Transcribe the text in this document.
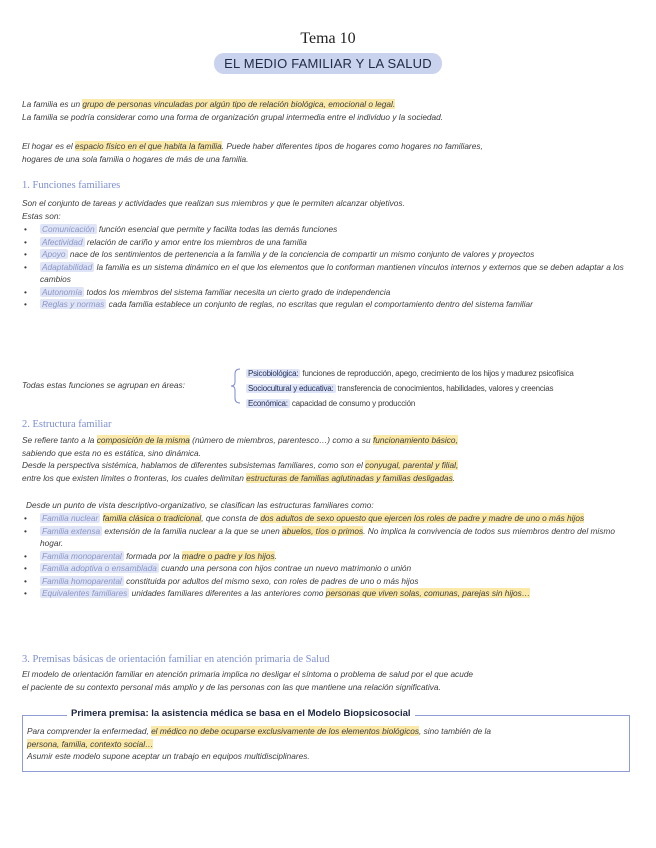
Tema 10
EL MEDIO FAMILIAR Y LA SALUD
La familia es un grupo de personas vinculadas por algún tipo de relación biológica, emocional o legal.
La familia se podría considerar como una forma de organización grupal intermedia entre el individuo y la sociedad.
El hogar es el espacio físico en el que habita la familia. Puede haber diferentes tipos de hogares como hogares no familiares,
hogares de una sola familia o hogares de más de una familia.
1. Funciones familiares
Son el conjunto de tareas y actividades que realizan sus miembros y que le permiten alcanzar objetivos.
Estas son:
• Comunicación función esencial que permite y facilita todas las demás funciones
• Afectividad relación de cariño y amor entre los miembros de una familia
• Apoyo nace de los sentimientos de pertenencia a la familia y de la conciencia de compartir un mismo conjunto de valores y proyectos
• Adaptabilidad la familia es un sistema dinámico en el que los elementos que lo conforman mantienen vínculos internos y externos que se deben adaptar a los cambios
• Autonomía todos los miembros del sistema familiar necesita un cierto grado de independencia
• Reglas y normas cada familia establece un conjunto de reglas, no escritas que regulan el comportamiento dentro del sistema familiar
Todas estas funciones se agrupan en áreas:
Psicobiológica: funciones de reproducción, apego, crecimiento de los hijos y madurez psicofísica
Sociocultural y educativa: transferencia de conocimientos, habilidades, valores y creencias
Económica: capacidad de consumo y producción
2. Estructura familiar
Se refiere tanto a la composición de la misma (número de miembros, parentesco…) como a su funcionamiento básico,
sabiendo que esta no es estática, sino dinámica.
Desde la perspectiva sistémica, hablamos de diferentes subsistemas familiares, como son el conyugal, parental y filial,
entre los que existen límites o fronteras, los cuales delimitan estructuras de familias aglutinadas y familias desligadas.
Desde un punto de vista descriptivo-organizativo, se clasifican las estructuras familiares como:
• Familia nuclear familia clásica o tradicional, que consta de dos adultos de sexo opuesto que ejercen los roles de padre y madre de uno o más hijos
• Familia extensa extensión de la familia nuclear a la que se unen abuelos, tíos o primos. No implica la convivencia de todos sus miembros dentro del mismo hogar.
• Familia monoparental formada por la madre o padre y los hijos.
• Familia adoptiva o ensamblada cuando una persona con hijos contrae un nuevo matrimonio o unión
• Familia homoparental constituida por adultos del mismo sexo, con roles de padres de uno o más hijos
• Equivalentes familiares unidades familiares diferentes a las anteriores como personas que viven solas, comunas, parejas sin hijos…
3. Premisas básicas de orientación familiar en atención primaria de Salud
El modelo de orientación familiar en atención primaria implica no desligar el síntoma o problema de salud por el que acude
el paciente de su contexto personal más amplio y de las personas con las que mantiene una relación significativa.
Primera premisa: la asistencia médica se basa en el Modelo Biopsicosocial
Para comprender la enfermedad, el médico no debe ocuparse exclusivamente de los elementos biológicos, sino también de la
persona, familia, contexto social…
Asumir este modelo supone aceptar un trabajo en equipos multidisciplinares.
